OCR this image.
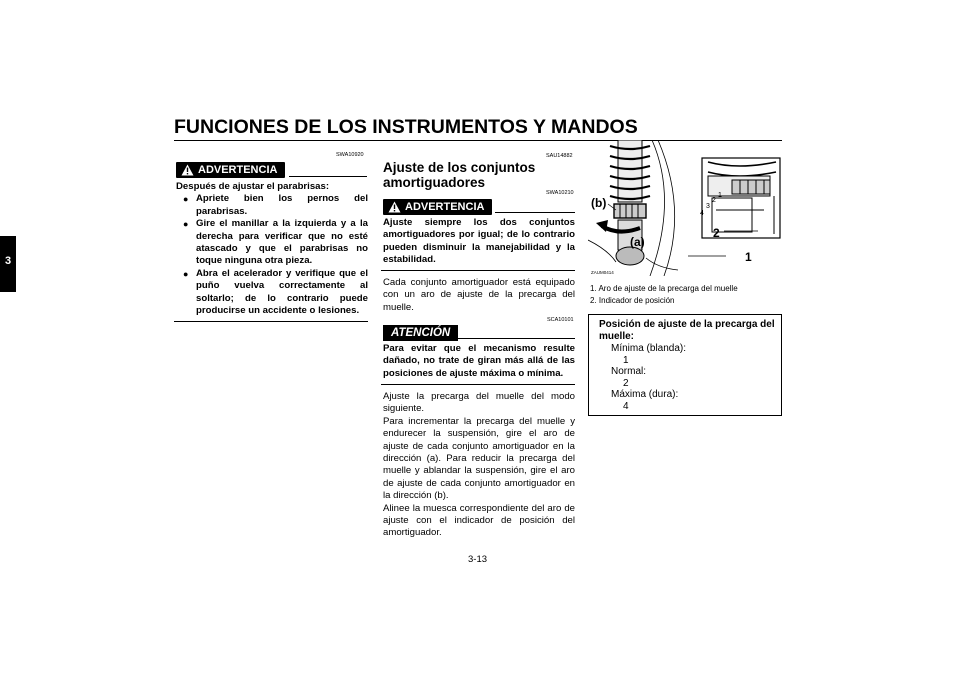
FUNCIONES DE LOS INSTRUMENTOS Y MANDOS
3
SWA10920
ADVERTENCIA
Después de ajustar el parabrisas:
● Apriete bien los pernos del parabrisas.
● Gire el manillar a la izquierda y a la derecha para verificar que no esté atascado y que el parabrisas no toque ninguna otra pieza.
● Abra el acelerador y verifique que el puño vuelva correctamente al soltarlo; de lo contrario puede producirse un accidente o lesiones.
SAU14882
Ajuste de los conjuntos amortiguadores
SWA10210
ADVERTENCIA
Ajuste siempre los dos conjuntos amortiguadores por igual; de lo contrario pueden disminuir la manejabilidad y la estabilidad.
Cada conjunto amortiguador está equipado con un aro de ajuste de la precarga del muelle.
SCA10101
ATENCIÓN
Para evitar que el mecanismo resulte dañado, no trate de giran más allá de las posiciones de ajuste máxima o mínima.
Ajuste la precarga del muelle del modo siguiente.
Para incrementar la precarga del muelle y endurecer la suspensión, gire el aro de ajuste de cada conjunto amortiguador en la dirección (a). Para reducir la precarga del muelle y ablandar la suspensión, gire el aro de ajuste de cada conjunto amortiguador en la dirección (b).
Alinee la muesca correspondiente del aro de ajuste con el indicador de posición del amortiguador.
(b)
(a)
2
1
4
3
2
1
ZAUM0414
1. Aro de ajuste de la precarga del muelle
2. Indicador de posición
Posición de ajuste de la precarga del muelle:
Mínima (blanda):
1
Normal:
2
Máxima (dura):
4
3-13
